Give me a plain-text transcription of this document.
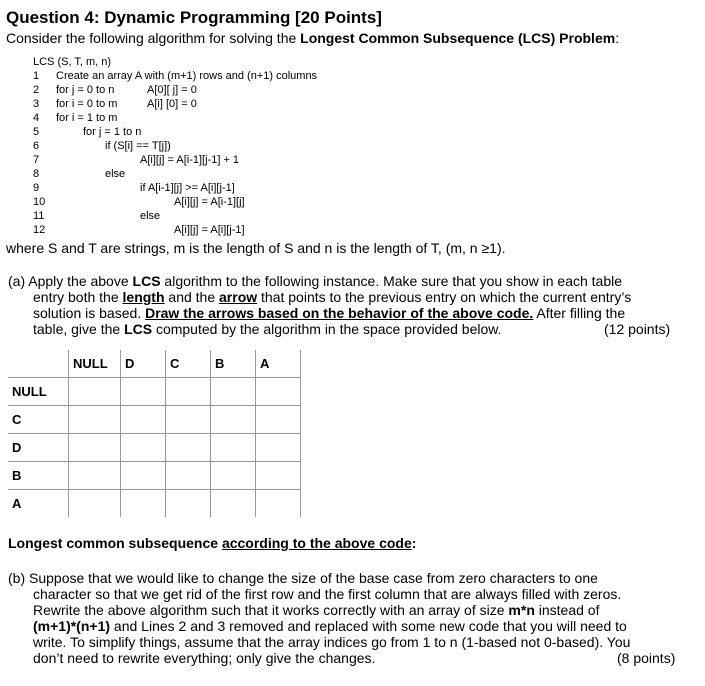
Question 4: Dynamic Programming [20 Points]
Consider the following algorithm for solving the Longest Common Subsequence (LCS) Problem:
LCS (S, T, m, n)
1	Create an array A with (m+1) rows and (n+1) columns
2	for j = 0 to n	A[0][ j] = 0
3	for i = 0 to m	A[i] [0] = 0
4	for i = 1 to m
5	for j = 1 to n
6	if (S[i] == T[j])
7	A[i][j] = A[i-1][j-1] + 1
8	else
9	if A[i-1][j] >= A[i][j-1]
10	A[i][j] = A[i-1][j]
11	else
12	A[i][j] = A[i][j-1]
where S and T are strings, m is the length of S and n is the length of T, (m, n ≥1).
(a) Apply the above LCS algorithm to the following instance. Make sure that you show in each table
entry both the length and the arrow that points to the previous entry on which the current entry’s
solution is based. Draw the arrows based on the behavior of the above code. After filling the
table, give the LCS computed by the algorithm in the space provided below.	(12 points)
	NULL	D	C	B	A
NULL					
C					
D					
B					
A					
Longest common subsequence according to the above code:
(b) Suppose that we would like to change the size of the base case from zero characters to one
character so that we get rid of the first row and the first column that are always filled with zeros.
Rewrite the above algorithm such that it works correctly with an array of size m*n instead of
(m+1)*(n+1) and Lines 2 and 3 removed and replaced with some new code that you will need to
write. To simplify things, assume that the array indices go from 1 to n (1-based not 0-based). You
don’t need to rewrite everything; only give the changes.	(8 points)
